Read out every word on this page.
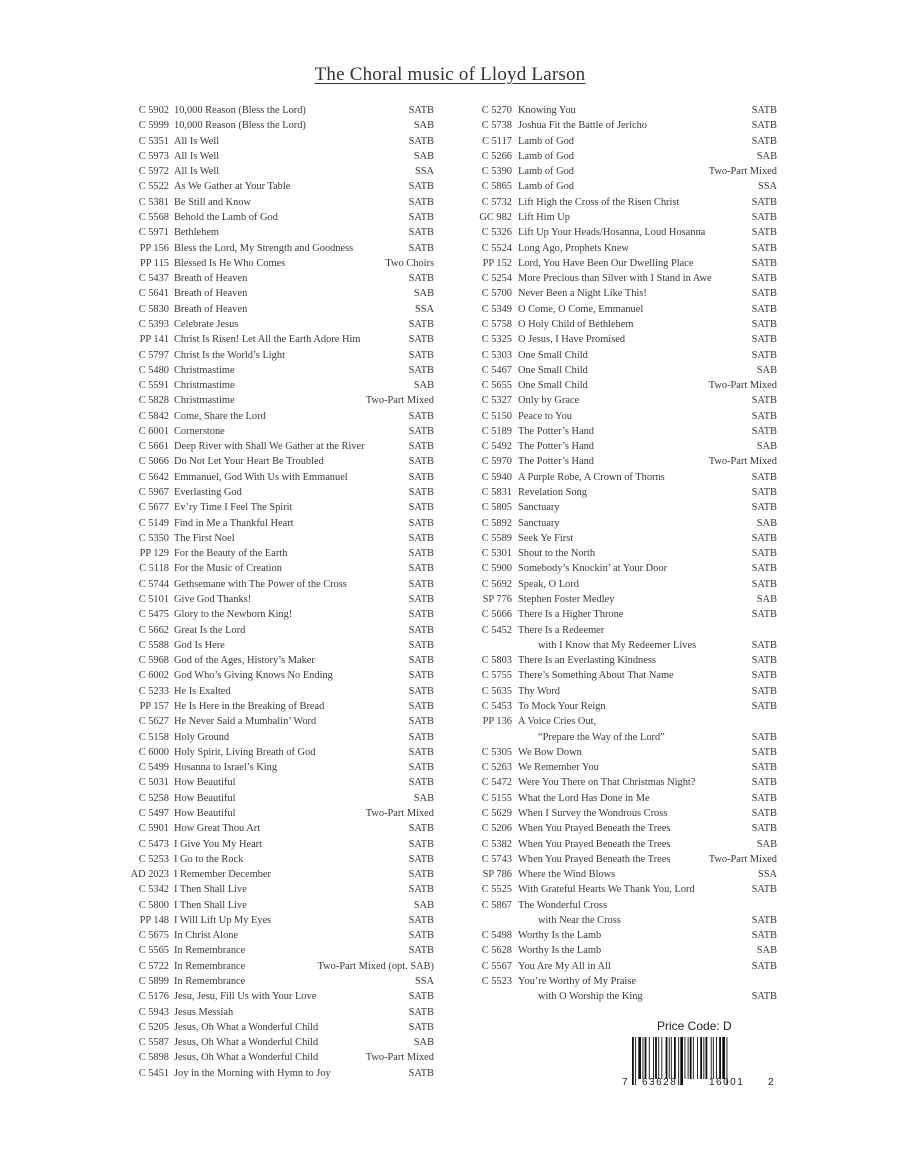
The Choral music of Lloyd Larson
C 5902 10,000 Reason (Bless the Lord)	SATB
C 5999 10,000 Reason (Bless the Lord)	SAB
C 5351 All Is Well	SATB
C 5973 All Is Well	SAB
C 5972 All Is Well	SSA
C 5522 As We Gather at Your Table	SATB
C 5381 Be Still and Know	SATB
C 5568 Behold the Lamb of God	SATB
C 5971 Bethlehem	SATB
PP 156 Bless the Lord, My Strength and Goodness	SATB
PP 115 Blessed Is He Who Comes	Two Choirs
C 5437 Breath of Heaven	SATB
C 5641 Breath of Heaven	SAB
C 5830 Breath of Heaven	SSA
C 5393 Celebrate Jesus	SATB
PP 141 Christ Is Risen! Let All the Earth Adore Him	SATB
C 5797 Christ Is the World’s Light	SATB
C 5480 Christmastime	SATB
C 5591 Christmastime	SAB
C 5828 Christmastime	Two-Part Mixed
C 5842 Come, Share the Lord	SATB
C 6001 Cornerstone	SATB
C 5661 Deep River with Shall We Gather at the River	SATB
C 5066 Do Not Let Your Heart Be Troubled	SATB
C 5642 Emmanuel, God With Us with Emmanuel	SATB
C 5967 Everlasting God	SATB
C 5677 Ev’ry Time I Feel The Spirit	SATB
C 5149 Find in Me a Thankful Heart	SATB
C 5350 The First Noel	SATB
PP 129 For the Beauty of the Earth	SATB
C 5118 For the Music of Creation	SATB
C 5744 Gethsemane with The Power of the Cross	SATB
C 5101 Give God Thanks!	SATB
C 5475 Glory to the Newborn King!	SATB
C 5662 Great Is the Lord	SATB
C 5588 God Is Here	SATB
C 5968 God of the Ages, History’s Maker	SATB
C 6002 God Who’s Giving Knows No Ending	SATB
C 5233 He Is Exalted	SATB
PP 157 He Is Here in the Breaking of Bread	SATB
C 5627 He Never Said a Mumbalin’ Word	SATB
C 5158 Holy Ground	SATB
C 6000 Holy Spirit, Living Breath of God	SATB
C 5499 Hosanna to Israel’s King	SATB
C 5031 How Beautiful	SATB
C 5258 How Beautiful	SAB
C 5497 How Beautiful	Two-Part Mixed
C 5901 How Great Thou Art	SATB
C 5473 I Give You My Heart	SATB
C 5253 I Go to the Rock	SATB
AD 2023 I Remember December	SATB
C 5342 I Then Shall Live	SATB
C 5800 I Then Shall Live	SAB
PP 148 I Will Lift Up My Eyes	SATB
C 5675 In Christ Alone	SATB
C 5565 In Remembrance	SATB
C 5722 In Remembrance	Two-Part Mixed (opt. SAB)
C 5899 In Remembrance	SSA
C 5176 Jesu, Jesu, Fill Us with Your Love	SATB
C 5943 Jesus Messiah	SATB
C 5205 Jesus, Oh What a Wonderful Child	SATB
C 5587 Jesus, Oh What a Wonderful Child	SAB
C 5898 Jesus, Oh What a Wonderful Child	Two-Part Mixed
C 5451 Joy in the Morning with Hymn to Joy	SATB
C 5270 Knowing You	SATB
C 5738 Joshua Fit the Battle of Jericho	SATB
C 5117 Lamb of God	SATB
C 5266 Lamb of God	SAB
C 5390 Lamb of God	Two-Part Mixed
C 5865 Lamb of God	SSA
C 5732 Lift High the Cross of the Risen Christ	SATB
GC 982 Lift Him Up	SATB
C 5326 Lift Up Your Heads/Hosanna, Loud Hosanna	SATB
C 5524 Long Ago, Prophets Knew	SATB
PP 152 Lord, You Have Been Our Dwelling Place	SATB
C 5254 More Precious than Silver with I Stand in Awe	SATB
C 5700 Never Been a Night Like This!	SATB
C 5349 O Come, O Come, Emmanuel	SATB
C 5758 O Holy Child of Bethlehem	SATB
C 5325 O Jesus, I Have Promised	SATB
C 5303 One Small Child	SATB
C 5467 One Small Child	SAB
C 5655 One Small Child	Two-Part Mixed
C 5327 Only by Grace	SATB
C 5150 Peace to You	SATB
C 5189 The Potter’s Hand	SATB
C 5492 The Potter’s Hand	SAB
C 5970 The Potter’s Hand	Two-Part Mixed
C 5940 A Purple Robe, A Crown of Thorns	SATB
C 5831 Revelation Song	SATB
C 5805 Sanctuary	SATB
C 5892 Sanctuary	SAB
C 5589 Seek Ye First	SATB
C 5301 Shout to the North	SATB
C 5900 Somebody’s Knockin’ at Your Door	SATB
C 5692 Speak, O Lord	SATB
SP 776 Stephen Foster Medley	SAB
C 5666 There Is a Higher Throne	SATB
C 5452 There Is a Redeemer
with I Know that My Redeemer Lives	SATB
C 5803 There Is an Everlasting Kindness	SATB
C 5755 There’s Something About That Name	SATB
C 5635 Thy Word	SATB
C 5453 To Mock Your Reign	SATB
PP 136 A Voice Cries Out,
“Prepare the Way of the Lord”	SATB
C 5305 We Bow Down	SATB
C 5263 We Remember You	SATB
C 5472 Were You There on That Christmas Night?	SATB
C 5155 What the Lord Has Done in Me	SATB
C 5629 When I Survey the Wondrous Cross	SATB
C 5206 When You Prayed Beneath the Trees	SATB
C 5382 When You Prayed Beneath the Trees	SAB
C 5743 When You Prayed Beneath the Trees	Two-Part Mixed
SP 786 Where the Wind Blows	SSA
C 5525 With Grateful Hearts We Thank You, Lord	SATB
C 5867 The Wonderful Cross
with Near the Cross	SATB
C 5498 Worthy Is the Lamb	SATB
C 5628 Worthy Is the Lamb	SAB
C 5567 You Are My All in All	SATB
C 5523 You’re Worthy of My Praise
with O Worship the King	SATB
Price Code: D
7 63628	16001 2
